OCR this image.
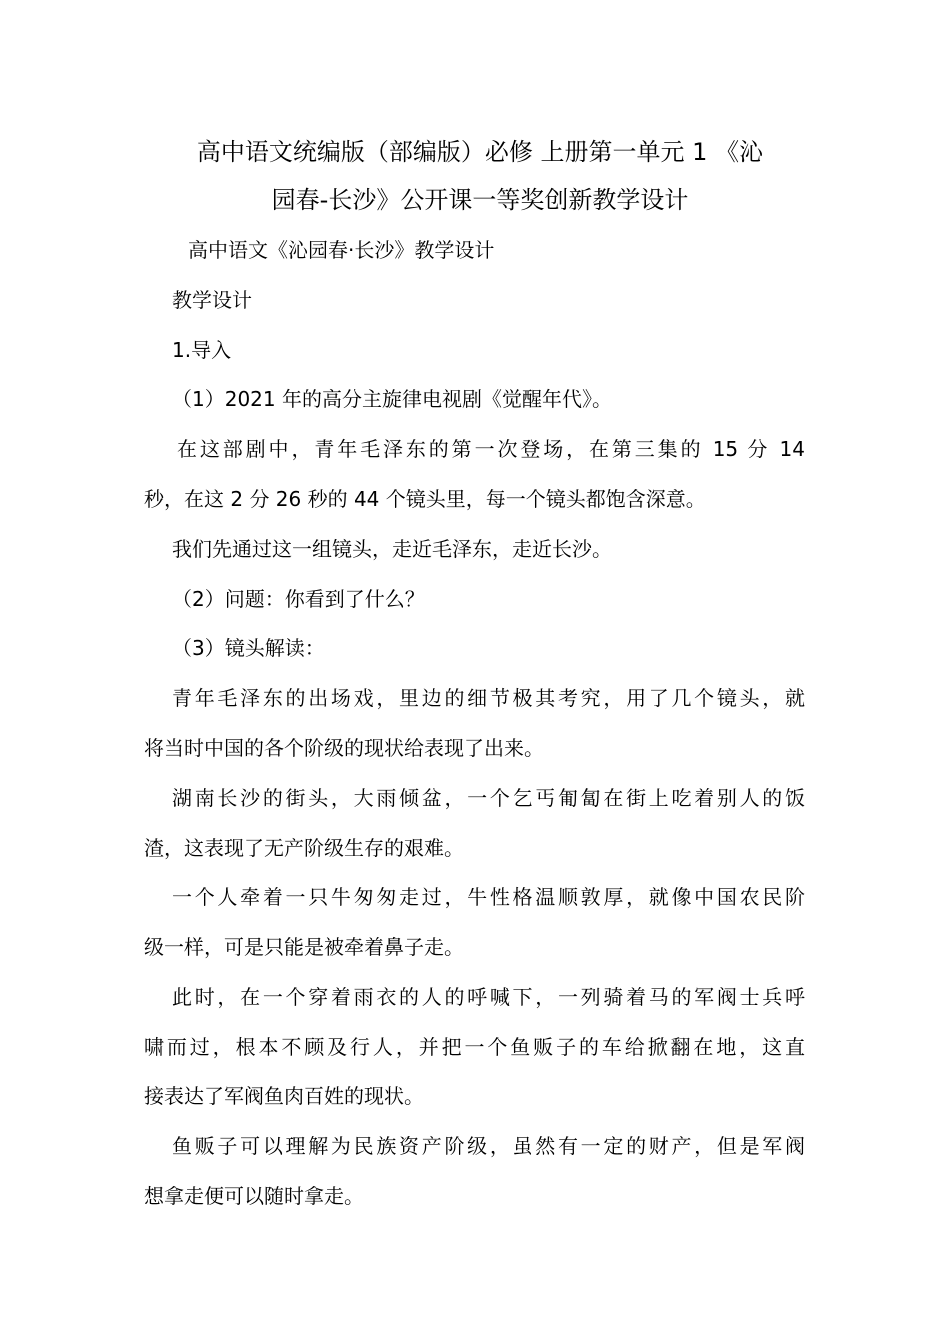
高中语文统编版（部编版）必修 上册第一单元 1 《沁
园春-长沙》公开课一等奖创新教学设计
高中语文《沁园春·长沙》教学设计
教学设计
1.导入
（1）2021 年的高分主旋律电视剧《觉醒年代》。
在这部剧中，青年毛泽东的第一次登场，在第三集的 15 分 14
秒，在这 2 分 26 秒的 44 个镜头里，每一个镜头都饱含深意。
我们先通过这一组镜头，走近毛泽东，走近长沙。
（2）问题：你看到了什么？
（3）镜头解读：
青年毛泽东的出场戏，里边的细节极其考究，用了几个镜头，就
将当时中国的各个阶级的现状给表现了出来。
湖南长沙的街头，大雨倾盆，一个乞丐匍匐在街上吃着别人的饭
渣，这表现了无产阶级生存的艰难。
一个人牵着一只牛匆匆走过，牛性格温顺敦厚，就像中国农民阶
级一样，可是只能是被牵着鼻子走。
此时，在一个穿着雨衣的人的呼喊下，一列骑着马的军阀士兵呼
啸而过，根本不顾及行人，并把一个鱼贩子的车给掀翻在地，这直
接表达了军阀鱼肉百姓的现状。
鱼贩子可以理解为民族资产阶级，虽然有一定的财产，但是军阀
想拿走便可以随时拿走。
